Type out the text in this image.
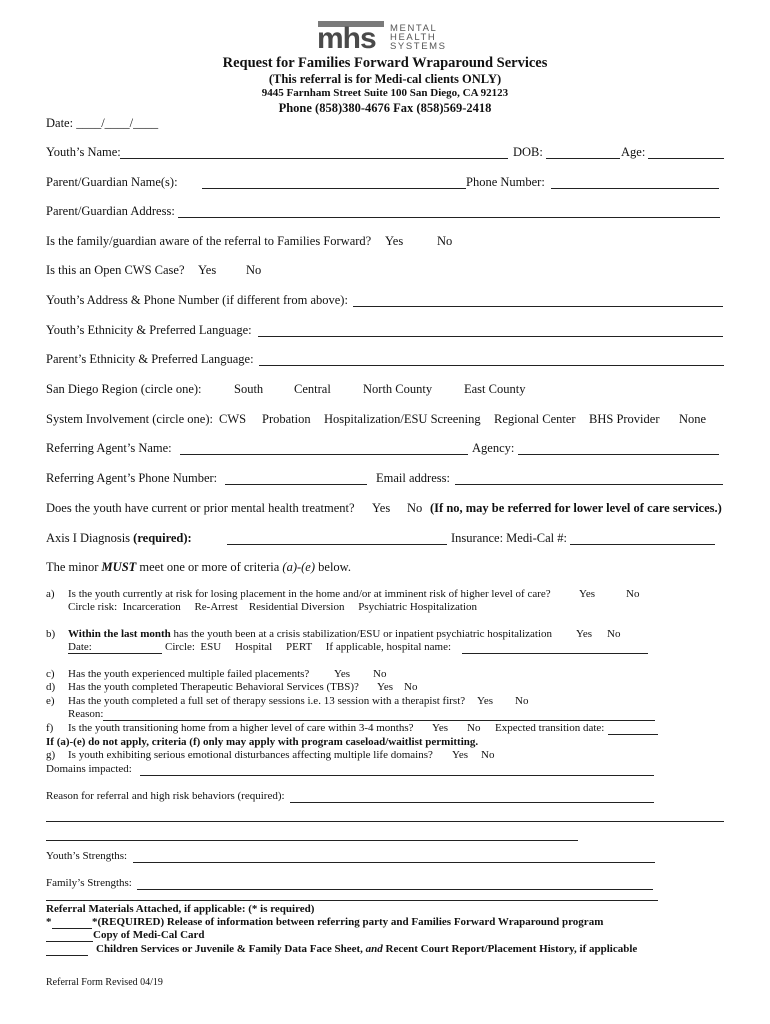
mhs MENTAL
HEALTH
SYSTEMS
Request for Families Forward Wraparound Services
(This referral is for Medi-cal clients ONLY)
9445 Farnham Street Suite 100 San Diego, CA 92123
Phone (858)380-4676 Fax (858)569-2418
Date: ____/____/____
Youth’s Name:	DOB:	Age:
Parent/Guardian Name(s):	Phone Number:
Parent/Guardian Address:
Is the family/guardian aware of the referral to Families Forward? Yes	No
Is this an Open CWS Case? Yes No
Youth’s Address & Phone Number (if different from above):
Youth’s Ethnicity & Preferred Language:
Parent’s Ethnicity & Preferred Language:
San Diego Region (circle one):	South Central	North County	East County
System Involvement (circle one): CWS Probation Hospitalization/ESU Screening Regional Center BHS Provider None
Referring Agent’s Name:	Agency:
Referring Agent’s Phone Number:	Email address:
Does the youth have current or prior mental health treatment? Yes No (If no, may be referred for lower level of care services.)
Axis I Diagnosis (required):	Insurance: Medi-Cal #:
The minor MUST meet one or more of criteria (a)-(e) below.
a) Is the youth currently at risk for losing placement in the home and/or at imminent risk of higher level of care?	Yes	No
Circle risk:  Incarceration     Re-Arrest    Residential Diversion     Psychiatric Hospitalization
b) Within the last month has the youth been at a crisis stabilization/ESU or inpatient psychiatric hospitalization Yes No
Date:	Circle:  ESU     Hospital     PERT     If applicable, hospital name:
c) Has the youth experienced multiple failed placements? Yes No
d) Has the youth completed Therapeutic Behavioral Services (TBS)? Yes No
e) Has the youth completed a full set of therapy sessions i.e. 13 session with a therapist first? Yes No
Reason:
f) Is the youth transitioning home from a higher level of care within 3-4 months? Yes No Expected transition date:
If (a)-(e) do not apply, criteria (f) only may apply with program caseload/waitlist permitting.
g) Is youth exhibiting serious emotional disturbances affecting multiple life domains? Yes No
Domains impacted:
Reason for referral and high risk behaviors (required):
Youth’s Strengths:
Family’s Strengths:
Referral Materials Attached, if applicable: (* is required)
*	*(REQUIRED) Release of information between referring party and Families Forward Wraparound program
Copy of Medi-Cal Card
Children Services or Juvenile & Family Data Face Sheet, and Recent Court Report/Placement History, if applicable
Referral Form Revised 04/19
